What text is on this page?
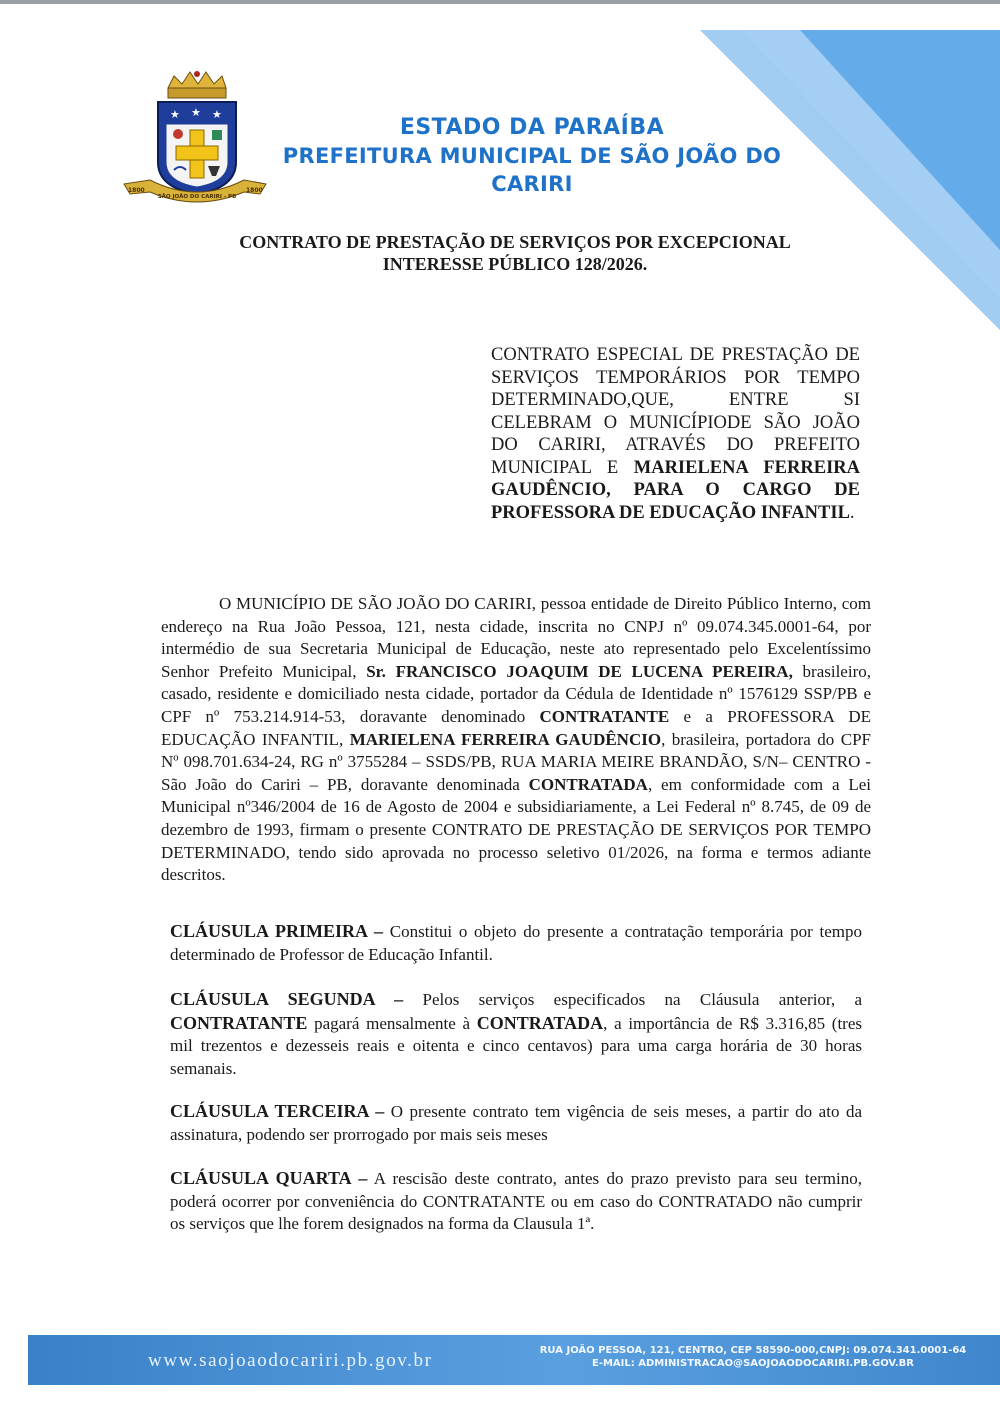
★ ★ ★
1800
SÃO JOÃO DO CARIRI - PB
1800
ESTADO DA PARAÍBA
PREFEITURA MUNICIPAL DE SÃO JOÃO DO CARIRI
CONTRATO DE PRESTAÇÃO DE SERVIÇOS POR EXCEPCIONAL
INTERESSE PÚBLICO 128/2026.
CONTRATO ESPECIAL DE PRESTAÇÃO DE SERVIÇOS TEMPORÁRIOS POR TEMPO DETERMINADO,QUE, ENTRE SI CELEBRAM O MUNICÍPIODE SÃO JOÃO DO CARIRI, ATRAVÉS DO PREFEITO MUNICIPAL E MARIELENA FERREIRA GAUDÊNCIO, PARA O CARGO DE PROFESSORA DE EDUCAÇÃO INFANTIL.
O MUNICÍPIO DE SÃO JOÃO DO CARIRI, pessoa entidade de Direito Público Interno, com endereço na Rua João Pessoa, 121, nesta cidade, inscrita no CNPJ nº 09.074.345.0001-64, por intermédio de sua Secretaria Municipal de Educação, neste ato representado pelo Excelentíssimo Senhor Prefeito Municipal, Sr. FRANCISCO JOAQUIM DE LUCENA PEREIRA, brasileiro, casado, residente e domiciliado nesta cidade, portador da Cédula de Identidade nº 1576129 SSP/PB e CPF nº 753.214.914-53, doravante denominado CONTRATANTE e a PROFESSORA DE EDUCAÇÃO INFANTIL, MARIELENA FERREIRA GAUDÊNCIO, brasileira, portadora do CPF Nº 098.701.634-24, RG nº 3755284 – SSDS/PB, RUA MARIA MEIRE BRANDÃO, S/N– CENTRO - São João do Cariri – PB, doravante denominada CONTRATADA, em conformidade com a Lei Municipal nº346/2004 de 16 de Agosto de 2004 e subsidiariamente, a Lei Federal nº 8.745, de 09 de dezembro de 1993, firmam o presente CONTRATO DE PRESTAÇÃO DE SERVIÇOS POR TEMPO DETERMINADO, tendo sido aprovada no processo seletivo 01/2026, na forma e termos adiante descritos.
CLÁUSULA PRIMEIRA – Constitui o objeto do presente a contratação temporária por tempo determinado de Professor de Educação Infantil.
CLÁUSULA SEGUNDA – Pelos serviços especificados na Cláusula anterior, a CONTRATANTE pagará mensalmente à CONTRATADA, a importância de R$ 3.316,85 (tres mil trezentos e dezesseis reais e oitenta e cinco centavos) para uma carga horária de 30 horas semanais.
CLÁUSULA TERCEIRA – O presente contrato tem vigência de seis meses, a partir do ato da assinatura, podendo ser prorrogado por mais seis meses
CLÁUSULA QUARTA – A rescisão deste contrato, antes do prazo previsto para seu termino, poderá ocorrer por conveniência do CONTRATANTE ou em caso do CONTRATADO não cumprir os serviços que lhe forem designados na forma da Clausula 1ª.
www.saojoaodocariri.pb.gov.br	RUA JOÃO PESSOA, 121, CENTRO, CEP 58590-000,CNPJ: 09.074.341.0001-64
E-MAIL: ADMINISTRACAO@SAOJOAODOCARIRI.PB.GOV.BR
